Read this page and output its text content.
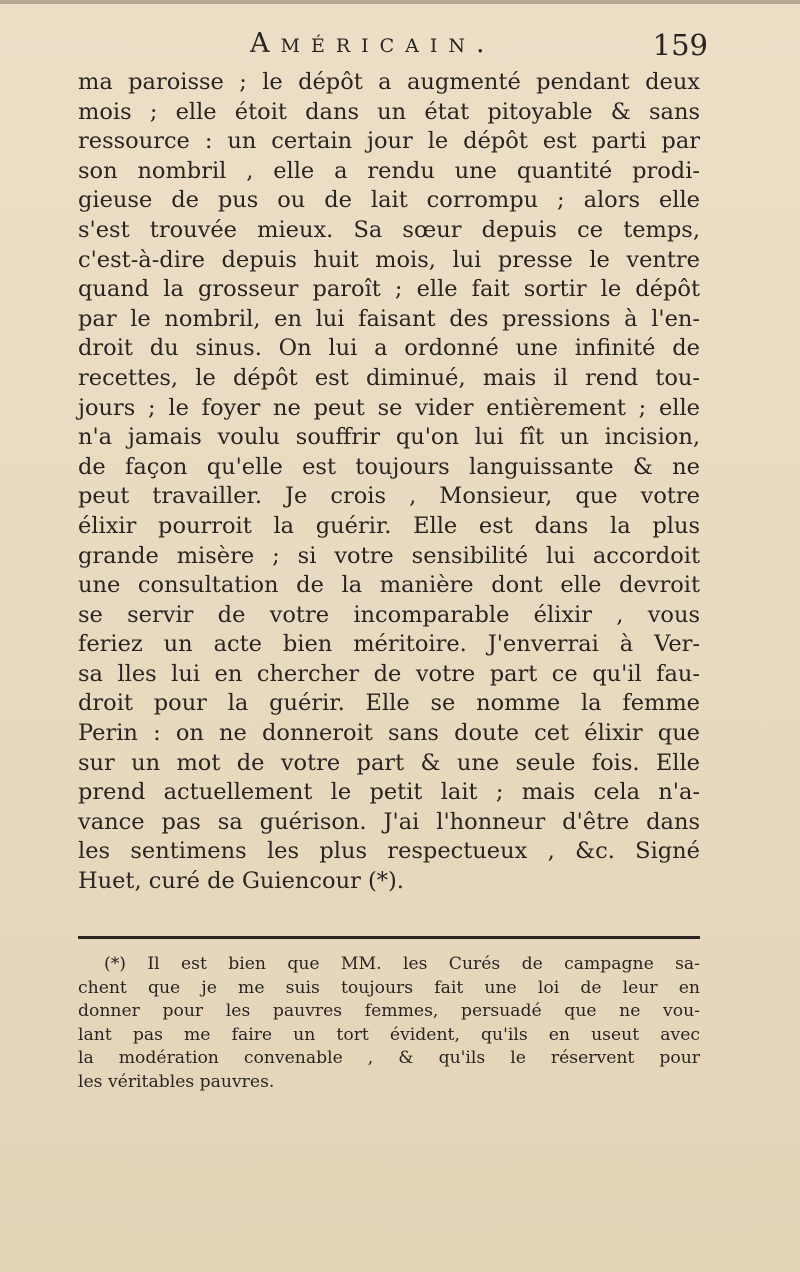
Américain.	159
ma paroisse ; le dépôt a augmenté pendant deux
mois ; elle étoit dans un état pitoyable & sans
ressource : un certain jour le dépôt est parti par
son nombril , elle a rendu une quantité prodi-
gieuse de pus ou de lait corrompu ; alors elle
s'est trouvée mieux. Sa sœur depuis ce temps,
c'est-à-dire depuis huit mois, lui presse le ventre
quand la grosseur paroît ; elle fait sortir le dépôt
par le nombril, en lui faisant des pressions à l'en-
droit du sinus. On lui a ordonné une infinité de
recettes, le dépôt est diminué, mais il rend tou-
jours ; le foyer ne peut se vider entièrement ; elle
n'a jamais voulu souffrir qu'on lui fît un incision,
de façon qu'elle est toujours languissante & ne
peut travailler. Je crois , Monsieur, que votre
élixir pourroit la guérir. Elle est dans la plus
grande misère ; si votre sensibilité lui accordoit
une consultation de la manière dont elle devroit
se servir de votre incomparable élixir , vous
feriez un acte bien méritoire. J'enverrai à Ver-
sa lles lui en chercher de votre part ce qu'il fau-
droit pour la guérir. Elle se nomme la femme
Perin : on ne donneroit sans doute cet élixir que
sur un mot de votre part & une seule fois. Elle
prend actuellement le petit lait ; mais cela n'a-
vance pas sa guérison. J'ai l'honneur d'être dans
les sentimens les plus respectueux , &c. Signé
Huet, curé de Guiencour (*).
(*) Il est bien que MM. les Curés de campagne sa-
chent que je me suis toujours fait une loi de leur en
donner pour les pauvres femmes, persuadé que ne vou-
lant pas me faire un tort évident, qu'ils en useut avec
la modération convenable , & qu'ils le réservent pour
les véritables pauvres.
